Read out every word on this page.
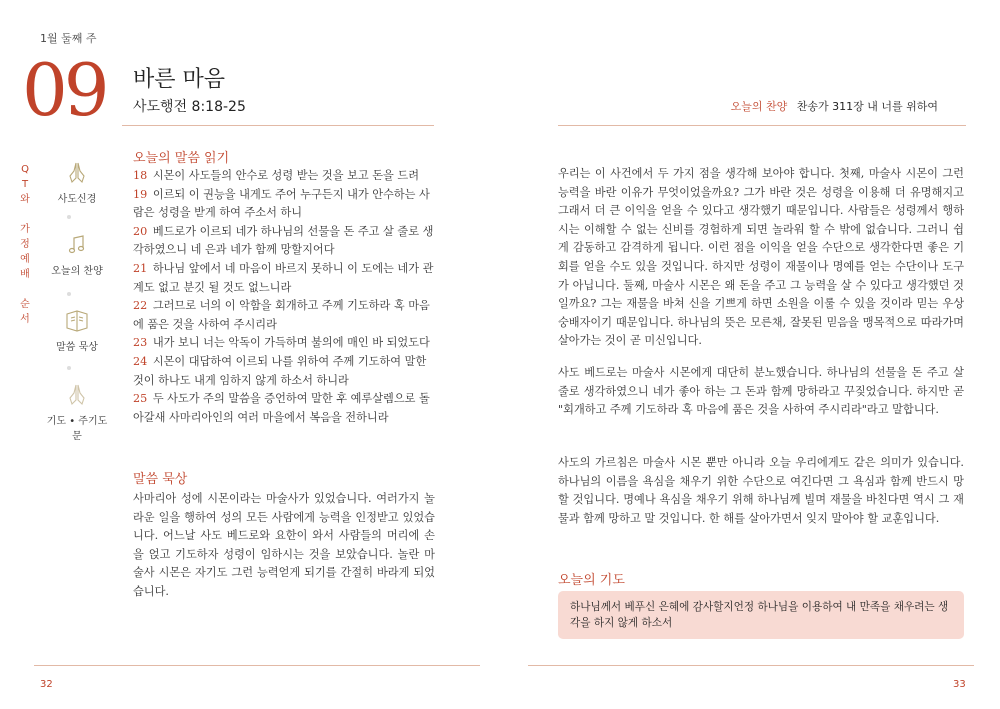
1월 둘째 주
09 바른 마음
사도행전 8:18-25	오늘의 찬양 찬송가 311장 내 너를 위하여
Q
T
와
가
정
예
배
순
서
사도신경
오늘의 찬양
말씀 묵상
기도 • 주기도문
오늘의 말씀 읽기
18 시몬이 사도들의 안수로 성령 받는 것을 보고 돈을 드려
19 이르되 이 권능을 내게도 주어 누구든지 내가 안수하는 사람은 성령을 받게 하여 주소서 하니
20 베드로가 이르되 네가 하나님의 선물을 돈 주고 살 줄로 생각하였으니 네 은과 네가 함께 망할지어다
21 하나님 앞에서 네 마음이 바르지 못하니 이 도에는 네가 관계도 없고 분깃 될 것도 없느니라
22 그러므로 너의 이 악함을 회개하고 주께 기도하라 혹 마음에 품은 것을 사하여 주시리라
23 내가 보니 너는 악독이 가득하며 불의에 매인 바 되었도다
24 시몬이 대답하여 이르되 나를 위하여 주께 기도하여 말한 것이 하나도 내게 임하지 않게 하소서 하니라
25 두 사도가 주의 말씀을 증언하여 말한 후 예루살렘으로 돌아갈새 사마리아인의 여러 마을에서 복음을 전하니라
말씀 묵상
사마리아 성에 시몬이라는 마술사가 있었습니다. 여러가지 놀라운 일을 행하여 성의 모든 사람에게 능력을 인정받고 있었습니다. 어느날 사도 베드로와 요한이 와서 사람들의 머리에 손을 얹고 기도하자 성령이 임하시는 것을 보았습니다. 놀란 마술사 시몬은 자기도 그런 능력얻게 되기를 간절히 바라게 되었습니다.
우리는 이 사건에서 두 가지 점을 생각해 보아야 합니다. 첫째, 마술사 시몬이 그런 능력을 바란 이유가 무엇이었을까요? 그가 바란 것은 성령을 이용해 더 유명해지고 그래서 더 큰 이익을 얻을 수 있다고 생각했기 때문입니다. 사람들은 성령께서 행하시는 이해할 수 없는 신비를 경험하게 되면 놀라워 할 수 밖에 없습니다. 그러니 쉽게 감동하고 감격하게 됩니다. 이런 점을 이익을 얻을 수단으로 생각한다면 좋은 기회를 얻을 수도 있을 것입니다. 하지만 성령이 재물이나 명예를 얻는 수단이나 도구가 아닙니다. 둘째, 마술사 시몬은 왜 돈을 주고 그 능력을 살 수 있다고 생각했던 것일까요? 그는 재물을 바쳐 신을 기쁘게 하면 소원을 이룰 수 있을 것이라 믿는 우상 숭배자이기 때문입니다. 하나님의 뜻은 모른채, 잘못된 믿음을 맹목적으로 따라가며 살아가는 것이 곧 미신입니다.
사도 베드로는 마술사 시몬에게 대단히 분노했습니다. 하나님의 선물을 돈 주고 살 줄로 생각하였으니 네가 좋아 하는 그 돈과 함께 망하라고 꾸짖었습니다. 하지만 곧 "회개하고 주께 기도하라 혹 마음에 품은 것을 사하여 주시리라"라고 말합니다.
사도의 가르침은 마술사 시몬 뿐만 아니라 오늘 우리에게도 같은 의미가 있습니다. 하나님의 이름을 욕심을 채우기 위한 수단으로 여긴다면 그 욕심과 함께 반드시 망할 것입니다. 명예나 욕심을 채우기 위해 하나님께 빌며 재물을 바친다면 역시 그 재물과 함께 망하고 말 것입니다. 한 해를 살아가면서 잊지 말아야 할 교훈입니다.
오늘의 기도
하나님께서 베푸신 은혜에 감사할지언정 하나님을 이용하여 내 만족을 채우려는 생각을 하지 않게 하소서
32	33
